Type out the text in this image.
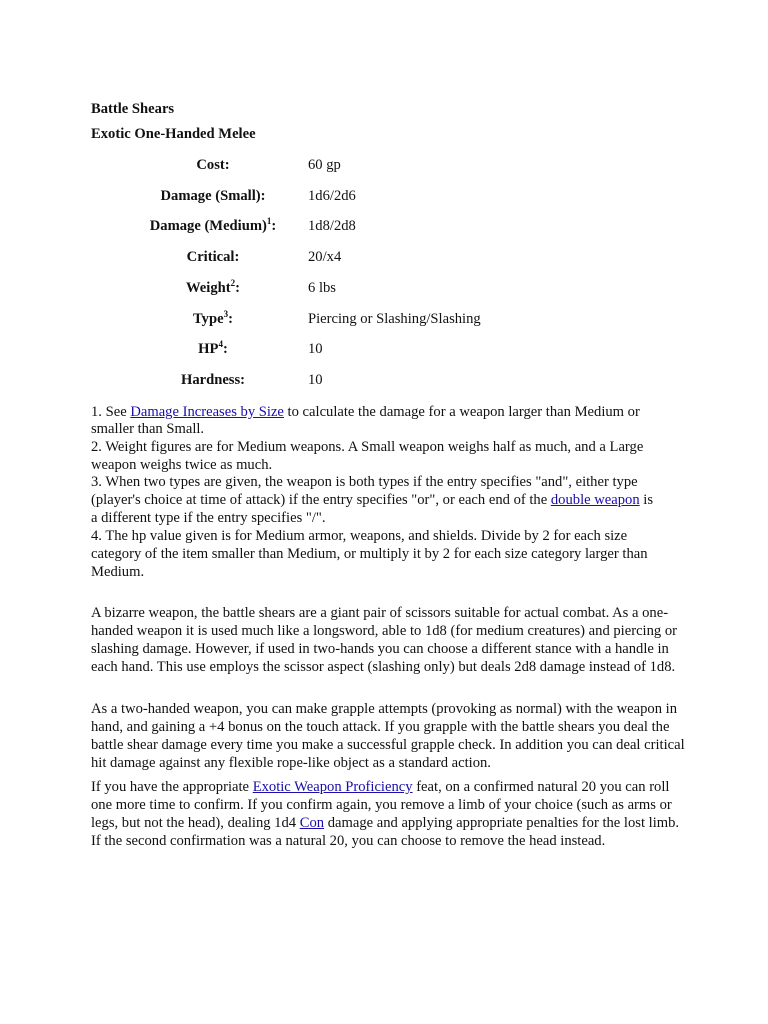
Battle Shears
Exotic One-Handed Melee
Cost:	60 gp
Damage (Small):	1d6/2d6
Damage (Medium)$^1$:	1d8/2d8
Critical:	20/x4
Weight$^2$:	6 lbs
Type$^3$:	Piercing or Slashing/Slashing
$HP^4$:	10
Hardness:	10
1. See Damage Increases by Size to calculate the damage for a weapon larger than Medium or
smaller than Small.
2. Weight figures are for Medium weapons. A Small weapon weighs half as much, and a Large
weapon weighs twice as much.
3. When two types are given, the weapon is both types if the entry specifies "and", either type
(player's choice at time of attack) if the entry specifies "or", or each end of the double weapon is
a different type if the entry specifies "/".
4. The hp value given is for Medium armor, weapons, and shields. Divide by 2 for each size
category of the item smaller than Medium, or multiply it by 2 for each size category larger than
Medium.
A bizarre weapon, the battle shears are a giant pair of scissors suitable for actual combat. As a one-handed weapon it is used much like a longsword, able to 1d8 (for medium creatures) and piercing or slashing damage. However, if used in two-hands you can choose a different stance with a handle in each hand. This use employs the scissor aspect (slashing only) but deals 2d8 damage instead of 1d8.
As a two-handed weapon, you can make grapple attempts (provoking as normal) with the weapon in hand, and gaining a +4 bonus on the touch attack. If you grapple with the battle shears you deal the battle shear damage every time you make a successful grapple check. In addition you can deal critical hit damage against any flexible rope-like object as a standard action.
If you have the appropriate Exotic Weapon Proficiency feat, on a confirmed natural 20 you can roll one more time to confirm. If you confirm again, you remove a limb of your choice (such as arms or legs, but not the head), dealing 1d4 Con damage and applying appropriate penalties for the lost limb. If the second confirmation was a natural 20, you can choose to remove the head instead.
